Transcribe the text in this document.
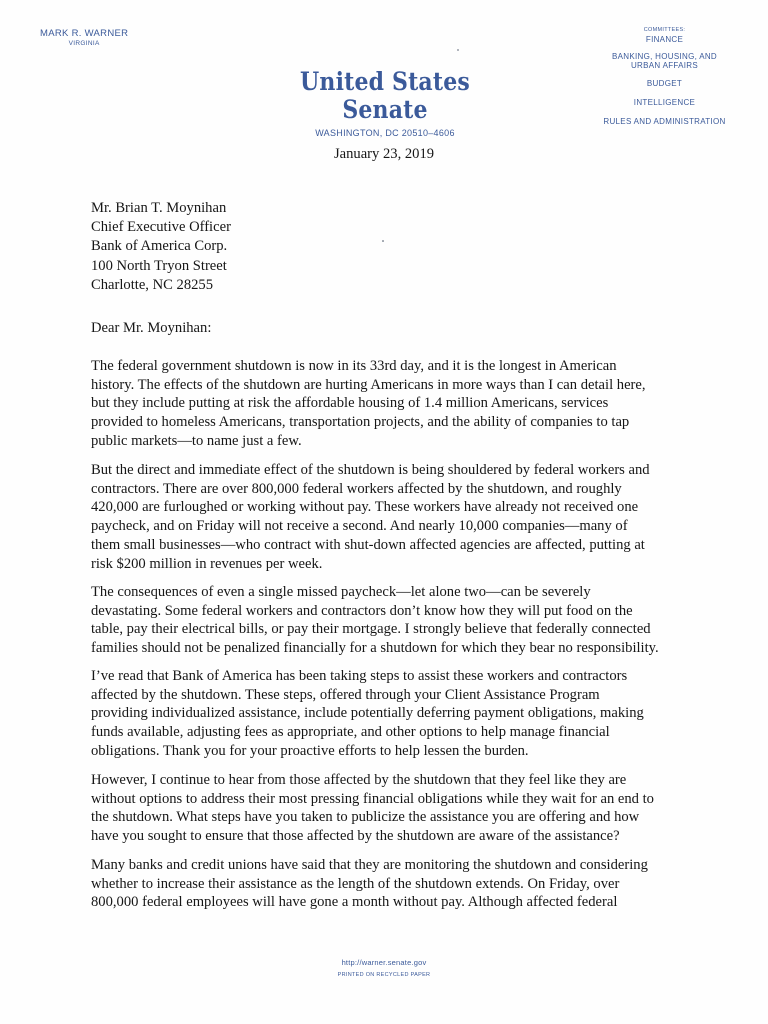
MARK R. WARNER
VIRGINIA
United States Senate
WASHINGTON, DC 20510–4606
COMMITTEES:
FINANCE
BANKING, HOUSING, AND
URBAN AFFAIRS
BUDGET
INTELLIGENCE
RULES AND ADMINISTRATION
January 23, 2019
Mr. Brian T. Moynihan
Chief Executive Officer
Bank of America Corp.
100 North Tryon Street
Charlotte, NC 28255
Dear Mr. Moynihan:
The federal government shutdown is now in its 33rd day, and it is the longest in American
history. The effects of the shutdown are hurting Americans in more ways than I can detail here,
but they include putting at risk the affordable housing of 1.4 million Americans, services
provided to homeless Americans, transportation projects, and the ability of companies to tap
public markets—to name just a few.
But the direct and immediate effect of the shutdown is being shouldered by federal workers and
contractors. There are over 800,000 federal workers affected by the shutdown, and roughly
420,000 are furloughed or working without pay. These workers have already not received one
paycheck, and on Friday will not receive a second. And nearly 10,000 companies—many of
them small businesses—who contract with shut-down affected agencies are affected, putting at
risk $200 million in revenues per week.
The consequences of even a single missed paycheck—let alone two—can be severely
devastating. Some federal workers and contractors don’t know how they will put food on the
table, pay their electrical bills, or pay their mortgage. I strongly believe that federally connected
families should not be penalized financially for a shutdown for which they bear no responsibility.
I’ve read that Bank of America has been taking steps to assist these workers and contractors
affected by the shutdown. These steps, offered through your Client Assistance Program
providing individualized assistance, include potentially deferring payment obligations, making
funds available, adjusting fees as appropriate, and other options to help manage financial
obligations. Thank you for your proactive efforts to help lessen the burden.
However, I continue to hear from those affected by the shutdown that they feel like they are
without options to address their most pressing financial obligations while they wait for an end to
the shutdown. What steps have you taken to publicize the assistance you are offering and how
have you sought to ensure that those affected by the shutdown are aware of the assistance?
Many banks and credit unions have said that they are monitoring the shutdown and considering
whether to increase their assistance as the length of the shutdown extends. On Friday, over
800,000 federal employees will have gone a month without pay. Although affected federal
http://warner.senate.gov
PRINTED ON RECYCLED PAPER
